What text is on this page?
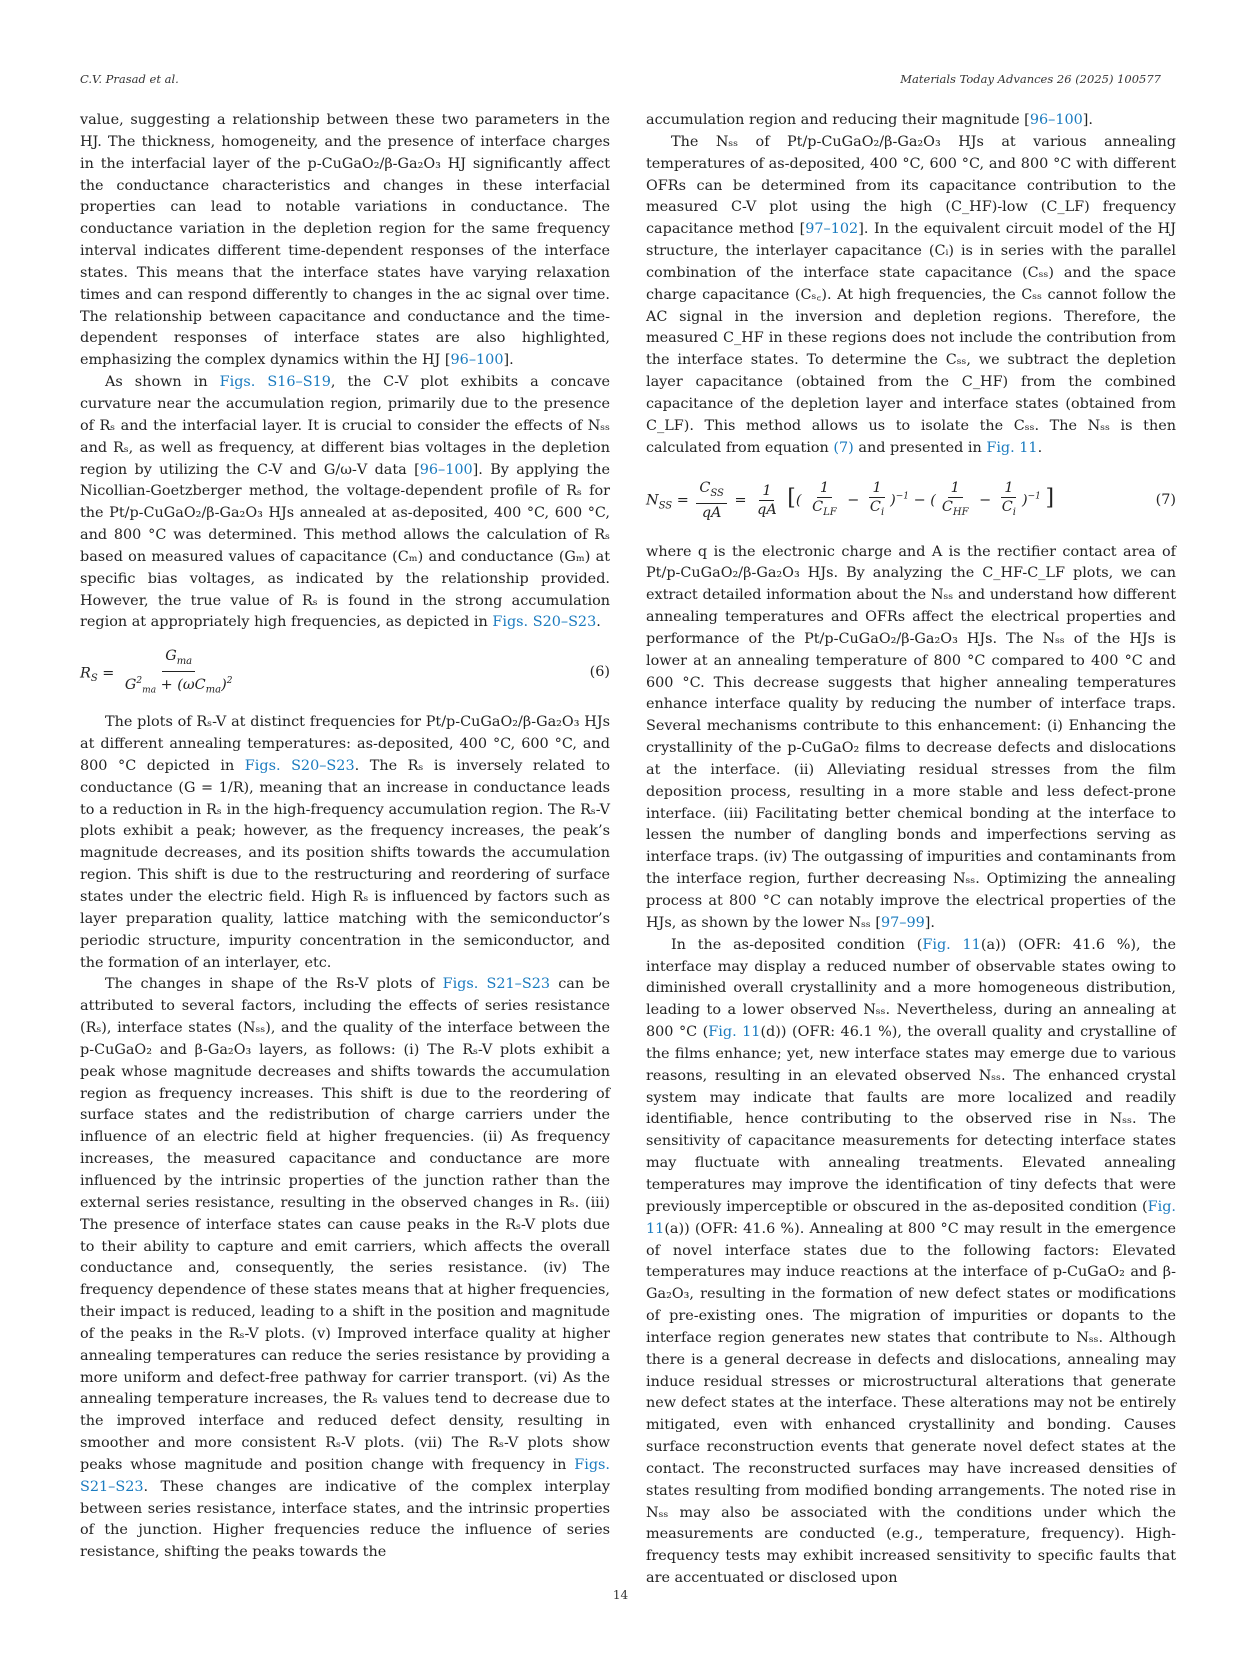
C.V. Prasad et al.	Materials Today Advances 26 (2025) 100577

value, suggesting a relationship between these two parameters in the HJ. The thickness, homogeneity, and the presence of interface charges in the interfacial layer of the p-CuGaO₂/β-Ga₂O₃ HJ significantly affect the conductance characteristics and changes in these interfacial properties can lead to notable variations in conductance. The conductance variation in the depletion region for the same frequency interval indicates different time-dependent responses of the interface states. This means that the interface states have varying relaxation times and can respond differently to changes in the ac signal over time. The relationship between capacitance and conductance and the time-dependent responses of interface states are also highlighted, emphasizing the complex dynamics within the HJ [96–100].

As shown in Figs. S16–S19, the C-V plot exhibits a concave curvature near the accumulation region, primarily due to the presence of Rₛ and the interfacial layer. It is crucial to consider the effects of Nₛₛ and Rₛ, as well as frequency, at different bias voltages in the depletion region by utilizing the C-V and G/ω-V data [96–100]. By applying the Nicollian-Goetzberger method, the voltage-dependent profile of Rₛ for the Pt/p-CuGaO₂/β-Ga₂O₃ HJs annealed at as-deposited, 400 °C, 600 °C, and 800 °C was determined. This method allows the calculation of Rₛ based on measured values of capacitance (Cₘ) and conductance (Gₘ) at specific bias voltages, as indicated by the relationship provided. However, the true value of Rₛ is found in the strong accumulation region at appropriately high frequencies, as depicted in Figs. S20–S23.

$R_S = \frac{G_{ma}}{G^2_{ma} + (\omega C_{ma})^2}$	(6)

The plots of Rₛ-V at distinct frequencies for Pt/p-CuGaO₂/β-Ga₂O₃ HJs at different annealing temperatures: as-deposited, 400 °C, 600 °C, and 800 °C depicted in Figs. S20–S23. The Rₛ is inversely related to conductance (G = 1/R), meaning that an increase in conductance leads to a reduction in Rₛ in the high-frequency accumulation region. The Rₛ-V plots exhibit a peak; however, as the frequency increases, the peak’s magnitude decreases, and its position shifts towards the accumulation region. This shift is due to the restructuring and reordering of surface states under the electric field. High Rₛ is influenced by factors such as layer preparation quality, lattice matching with the semiconductor’s periodic structure, impurity concentration in the semiconductor, and the formation of an interlayer, etc.

The changes in shape of the Rs-V plots of Figs. S21–S23 can be attributed to several factors, including the effects of series resistance (Rₛ), interface states (Nₛₛ), and the quality of the interface between the p-CuGaO₂ and β-Ga₂O₃ layers, as follows: (i) The Rₛ-V plots exhibit a peak whose magnitude decreases and shifts towards the accumulation region as frequency increases. This shift is due to the reordering of surface states and the redistribution of charge carriers under the influence of an electric field at higher frequencies. (ii) As frequency increases, the measured capacitance and conductance are more influenced by the intrinsic properties of the junction rather than the external series resistance, resulting in the observed changes in Rₛ. (iii) The presence of interface states can cause peaks in the Rₛ-V plots due to their ability to capture and emit carriers, which affects the overall conductance and, consequently, the series resistance. (iv) The frequency dependence of these states means that at higher frequencies, their impact is reduced, leading to a shift in the position and magnitude of the peaks in the Rₛ-V plots. (v) Improved interface quality at higher annealing temperatures can reduce the series resistance by providing a more uniform and defect-free pathway for carrier transport. (vi) As the annealing temperature increases, the Rₛ values tend to decrease due to the improved interface and reduced defect density, resulting in smoother and more consistent Rₛ-V plots. (vii) The Rₛ-V plots show peaks whose magnitude and position change with frequency in Figs. S21–S23. These changes are indicative of the complex interplay between series resistance, interface states, and the intrinsic properties of the junction. Higher frequencies reduce the influence of series resistance, shifting the peaks towards the

accumulation region and reducing their magnitude [96–100].

The Nₛₛ of Pt/p-CuGaO₂/β-Ga₂O₃ HJs at various annealing temperatures of as-deposited, 400 °C, 600 °C, and 800 °C with different OFRs can be determined from its capacitance contribution to the measured C-V plot using the high (C_HF)-low (C_LF) frequency capacitance method [97–102]. In the equivalent circuit model of the HJ structure, the interlayer capacitance (Cᵢ) is in series with the parallel combination of the interface state capacitance (Cₛₛ) and the space charge capacitance (Cₛ꜀). At high frequencies, the Cₛₛ cannot follow the AC signal in the inversion and depletion regions. Therefore, the measured C_HF in these regions does not include the contribution from the interface states. To determine the Cₛₛ, we subtract the depletion layer capacitance (obtained from the C_HF) from the combined capacitance of the depletion layer and interface states (obtained from C_LF). This method allows us to isolate the Cₛₛ. The Nₛₛ is then calculated from equation (7) and presented in Fig. 11.

$N_{SS} = \frac{C_{SS}}{qA} = \frac{1}{qA}$ [( $\frac{1}{C_{LF}} - \frac{1}{C_i} )^{-1}$ − ( $\frac{1}{C_{HF}} - \frac{1}{C_i} )^{-1}$ ]	(7)

where q is the electronic charge and A is the rectifier contact area of Pt/p-CuGaO₂/β-Ga₂O₃ HJs. By analyzing the C_HF-C_LF plots, we can extract detailed information about the Nₛₛ and understand how different annealing temperatures and OFRs affect the electrical properties and performance of the Pt/p-CuGaO₂/β-Ga₂O₃ HJs. The Nₛₛ of the HJs is lower at an annealing temperature of 800 °C compared to 400 °C and 600 °C. This decrease suggests that higher annealing temperatures enhance interface quality by reducing the number of interface traps. Several mechanisms contribute to this enhancement: (i) Enhancing the crystallinity of the p-CuGaO₂ films to decrease defects and dislocations at the interface. (ii) Alleviating residual stresses from the film deposition process, resulting in a more stable and less defect-prone interface. (iii) Facilitating better chemical bonding at the interface to lessen the number of dangling bonds and imperfections serving as interface traps. (iv) The outgassing of impurities and contaminants from the interface region, further decreasing Nₛₛ. Optimizing the annealing process at 800 °C can notably improve the electrical properties of the HJs, as shown by the lower Nₛₛ [97–99].

In the as-deposited condition (Fig. 11(a)) (OFR: 41.6 %), the interface may display a reduced number of observable states owing to diminished overall crystallinity and a more homogeneous distribution, leading to a lower observed Nₛₛ. Nevertheless, during an annealing at 800 °C (Fig. 11(d)) (OFR: 46.1 %), the overall quality and crystalline of the films enhance; yet, new interface states may emerge due to various reasons, resulting in an elevated observed Nₛₛ. The enhanced crystal system may indicate that faults are more localized and readily identifiable, hence contributing to the observed rise in Nₛₛ. The sensitivity of capacitance measurements for detecting interface states may fluctuate with annealing treatments. Elevated annealing temperatures may improve the identification of tiny defects that were previously imperceptible or obscured in the as-deposited condition (Fig. 11(a)) (OFR: 41.6 %). Annealing at 800 °C may result in the emergence of novel interface states due to the following factors: Elevated temperatures may induce reactions at the interface of p-CuGaO₂ and β-Ga₂O₃, resulting in the formation of new defect states or modifications of pre-existing ones. The migration of impurities or dopants to the interface region generates new states that contribute to Nₛₛ. Although there is a general decrease in defects and dislocations, annealing may induce residual stresses or microstructural alterations that generate new defect states at the interface. These alterations may not be entirely mitigated, even with enhanced crystallinity and bonding. Causes surface reconstruction events that generate novel defect states at the contact. The reconstructed surfaces may have increased densities of states resulting from modified bonding arrangements. The noted rise in Nₛₛ may also be associated with the conditions under which the measurements are conducted (e.g., temperature, frequency). High-frequency tests may exhibit increased sensitivity to specific faults that are accentuated or disclosed upon

14
